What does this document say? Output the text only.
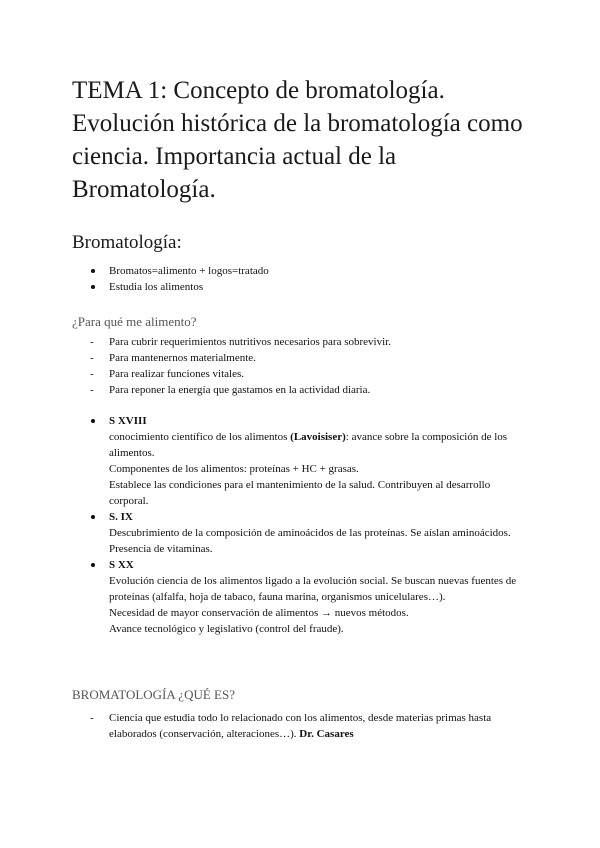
TEMA 1: Concepto de bromatología. Evolución histórica de la bromatología como ciencia. Importancia actual de la Bromatología.
Bromatología:
Bromatos=alimento + logos=tratado
Estudia los alimentos
¿Para qué me alimento?
- Para cubrir requerimientos nutritivos necesarios para sobrevivir.
- Para mantenernos materialmente.
- Para realizar funciones vitales.
- Para reponer la energía que gastamos en la actividad diaria.
S XVIII
conocimiento científico de los alimentos (Lavoisiser): avance sobre la composición de los alimentos.
Componentes de los alimentos: proteínas + HC + grasas.
Establece las condiciones para el mantenimiento de la salud. Contribuyen al desarrollo corporal.
S. IX
Descubrimiento de la composición de aminoácidos de las proteínas. Se aíslan aminoácidos.
Presencia de vitaminas.
S XX
Evolución ciencia de los alimentos ligado a la evolución social. Se buscan nuevas fuentes de proteínas (alfalfa, hoja de tabaco, fauna marina, organismos unicelulares…).
Necesidad de mayor conservación de alimentos → nuevos métodos.
Avance tecnológico y legislativo (control del fraude).
BROMATOLOGÍA ¿QUÉ ES?
- Ciencia que estudia todo lo relacionado con los alimentos, desde materias primas hasta elaborados (conservación, alteraciones…). Dr. Casares
